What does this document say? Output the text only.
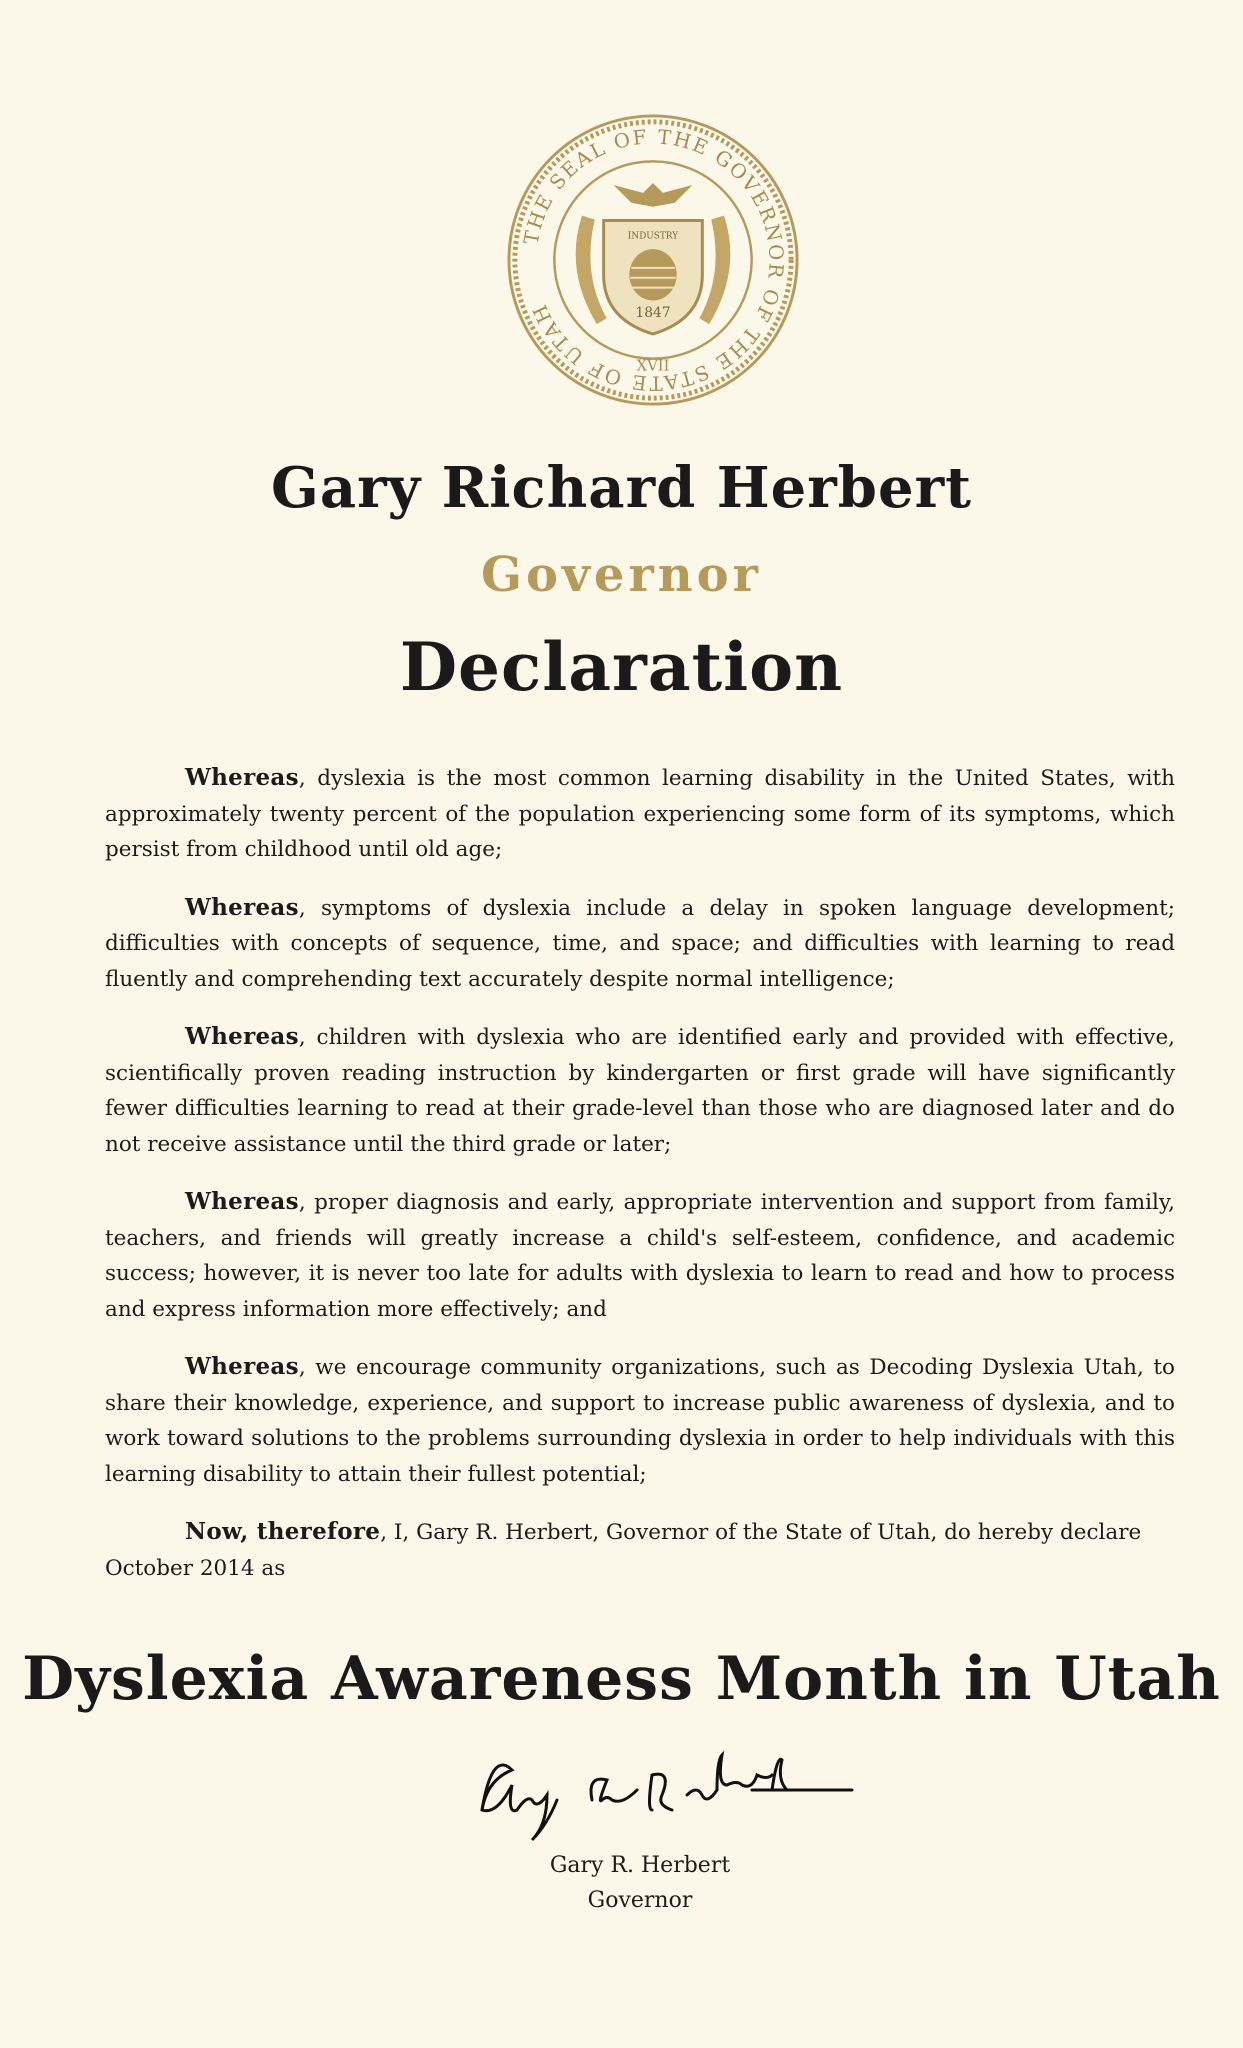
THE SEAL OF THE GOVERNOR OF THE STATE OF UTAH
INDUSTRY
1847
XVII
Gary Richard Herbert
Governor
Declaration

Whereas, dyslexia is the most common learning disability in the United States, with approximately twenty percent of the population experiencing some form of its symptoms, which persist from childhood until old age;

Whereas, symptoms of dyslexia include a delay in spoken language development; difficulties with concepts of sequence, time, and space; and difficulties with learning to read fluently and comprehending text accurately despite normal intelligence;

Whereas, children with dyslexia who are identified early and provided with effective, scientifically proven reading instruction by kindergarten or first grade will have significantly fewer difficulties learning to read at their grade-level than those who are diagnosed later and do not receive assistance until the third grade or later;

Whereas, proper diagnosis and early, appropriate intervention and support from family, teachers, and friends will greatly increase a child's self-esteem, confidence, and academic success; however, it is never too late for adults with dyslexia to learn to read and how to process and express information more effectively; and

Whereas, we encourage community organizations, such as Decoding Dyslexia Utah, to share their knowledge, experience, and support to increase public awareness of dyslexia, and to work toward solutions to the problems surrounding dyslexia in order to help individuals with this learning disability to attain their fullest potential;

Now, therefore, I, Gary R. Herbert, Governor of the State of Utah, do hereby declare October 2014 as

Dyslexia Awareness Month in Utah
Gary R. Herbert
Governor
